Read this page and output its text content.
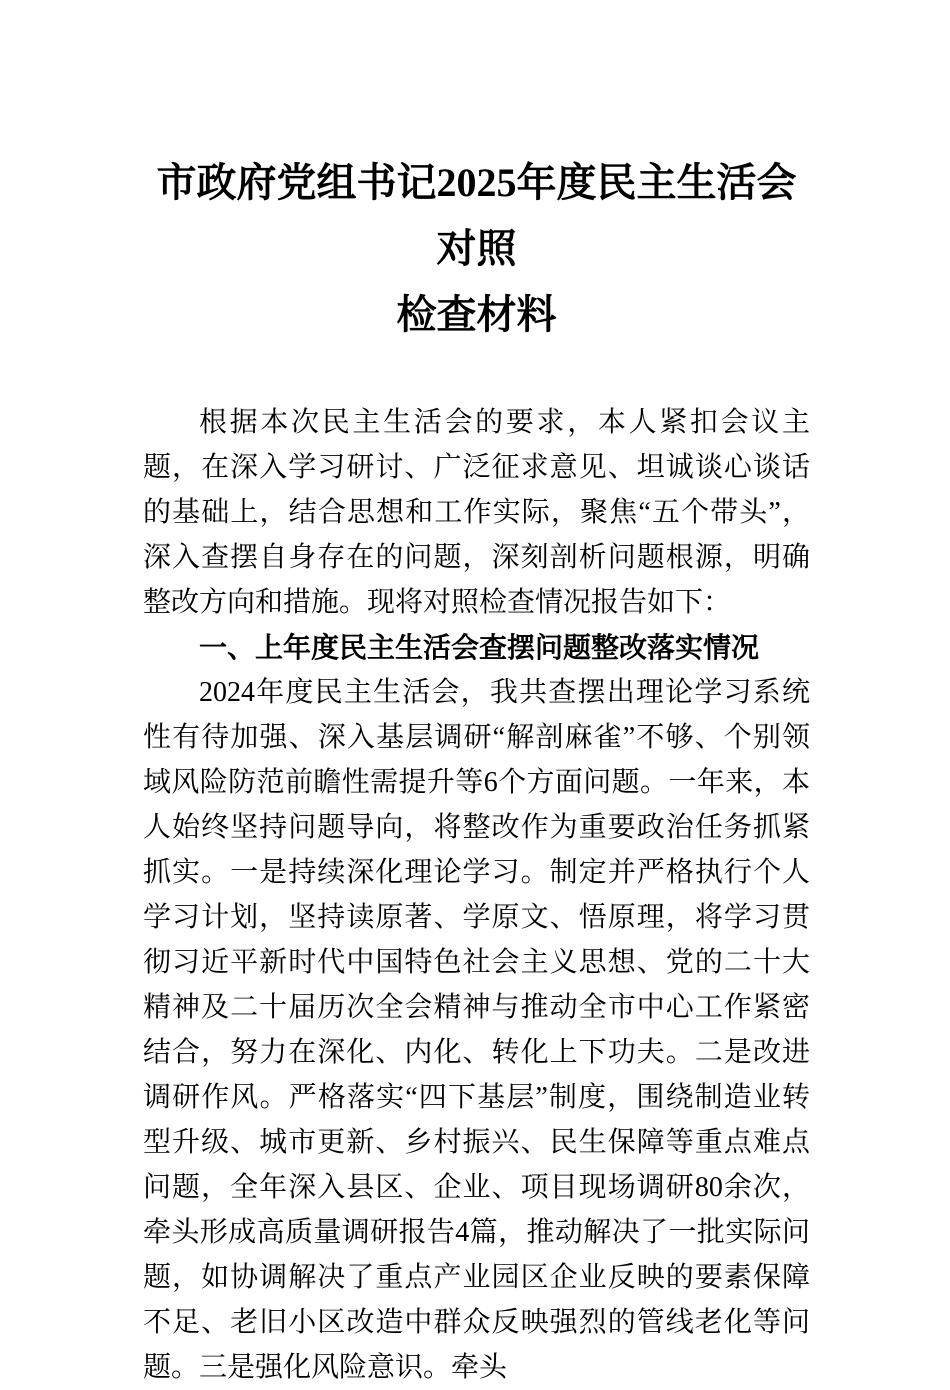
市政府党组书记2025年度民主生活会对照
检查材料

根据本次民主生活会的要求，本人紧扣会议主题，在深入学习研讨、广泛征求意见、坦诚谈心谈话的基础上，结合思想和工作实际，聚焦“五个带头”，深入查摆自身存在的问题，深刻剖析问题根源，明确整改方向和措施。现将对照检查情况报告如下：

一、上年度民主生活会查摆问题整改落实情况

2024年度民主生活会，我共查摆出理论学习系统性有待加强、深入基层调研“解剖麻雀”不够、个别领域风险防范前瞻性需提升等6个方面问题。一年来，本人始终坚持问题导向，将整改作为重要政治任务抓紧抓实。一是持续深化理论学习。制定并严格执行个人学习计划，坚持读原著、学原文、悟原理，将学习贯彻习近平新时代中国特色社会主义思想、党的二十大精神及二十届历次全会精神与推动全市中心工作紧密结合，努力在深化、内化、转化上下功夫。二是改进调研作风。严格落实“四下基层”制度，围绕制造业转型升级、城市更新、乡村振兴、民生保障等重点难点问题，全年深入县区、企业、项目现场调研80余次，牵头形成高质量调研报告4篇，推动解决了一批实际问题，如协调解决了重点产业园区企业反映的要素保障不足、老旧小区改造中群众反映强烈的管线老化等问题。三是强化风险意识。牵头
